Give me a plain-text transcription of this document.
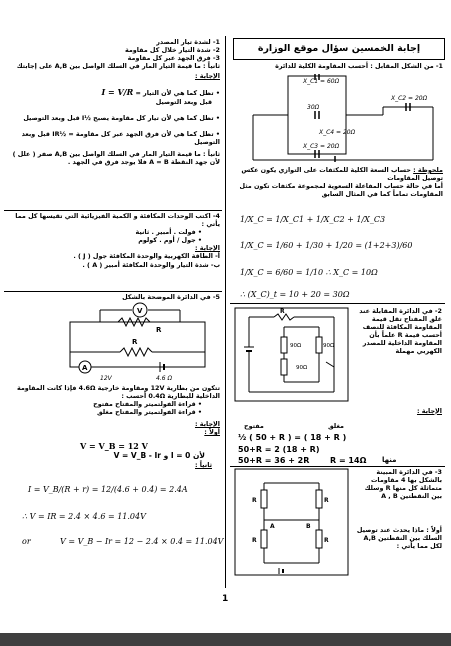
1- لشدة تيار المصدر
2- شدة التيار خلال كل مقاومة
3- فرق الجهد عبر كل مقاومة
ثانياً : ما قيمة التيار المار في السلك الواصل بين A,B على إجابتك
الإجابة :
• تظل كما هي لأن التيار = I = V/R
قبل وبعد التوصيل
• تظل كما هي لأن تيار كل مقاومة يصبح ½I قبل وبعد التوصيل
• تظل كما هي لأن فرق الجهد عبر كل مقاومة = ½IR قبل وبعد التوصيل
ثانياً : ما قيمة التيار المار في السلك الواصل بين A,B صفر ( علل ) لأن جهد النقطة A = B فلا يوجد فرق في الجهد .
4- اكتب الوحدات المكافئة و الكمية الفيزيائية التي تقيسها كل مما يأتي :
• فولت . أمبير . ثانية
• جول / أوم . كولوم
الإجابة :
أ- الطاقة الكهربية والوحدة المكافئة جول ( J ) .
ب- شدة التيار والوحدة المكافئة أمبير ( A ) .
5- في الدائرة الموضحة بالشكل
V
R
R
A
12V	4.6 Ω
تتكون من بطارية 12V ومقاومة خارجية 4.6Ω فإذا كانت المقاومة الداخلية للبطارية 0.4Ω أحسب :
• قراءة الفولتميتر والمفتاح مفتوح
• قراءة الفولتميتر والمفتاح مغلق
الإجابة :
أولاً :
V = V_B = 12 V
لأن I = 0 و V = V_B - Ir
ثانياً :
I = V_B/(R + r) = 12/(4.6 + 0.4) = 2.4A
∴ V = IR = 2.4 × 4.6 = 11.04V
or	V = V_B − Ir = 12 − 2.4 × 0.4 = 11.04V
إجابة الخمسين سؤال موقع الوزارة
1- من الشكل المقابل : أحسب المقاومة الكلية للدائرة
X_C1 = 60Ω
30Ω
X_C3 = 20Ω
X_C2 = 20Ω
X_C4 = 20Ω
ملحوظة : حساب السعة الكلية للمكثفات على التوازي يكون عكس توصيل المقاومات
أما في حالة حساب المفاعلة السعوية لمجموعة مكثفات تكون مثل المقاومات تماماً كما في المثال السابق
1/X_C = 1/X_C1 + 1/X_C2 + 1/X_C3
1/X_C = 1/60 + 1/30 + 1/20 = (1+2+3)/60
1/X_C = 6/60 = 1/10 ∴ X_C = 10Ω
∴ (X_C)_t = 10 + 20 = 30Ω
R
90Ω
90Ω
90Ω
2- في الدائرة المقابلة عند غلق المفتاح تقل قيمة المقاومة المكافئة للنصف أحسب قيمة R علماً بأن المقاومة الداخلية للمصدر الكهربي مهملة
الإجابة :
مفتوح	مغلق
½ ( 50 + R ) = ( 18 + R )
50+R = 2 (18 + R)
50+R = 36 + 2R	منها
R = 14Ω
R	R
R	R
A	B
3- في الدائرة المبينة بالشكل بها 4 مقاومات متماثلة كل منها R وسلك بين النقطتين A , B
أولاً : ماذا يحدث عند توصيل السلك بين النقطتين A,B لكل مما يأتي :
1
